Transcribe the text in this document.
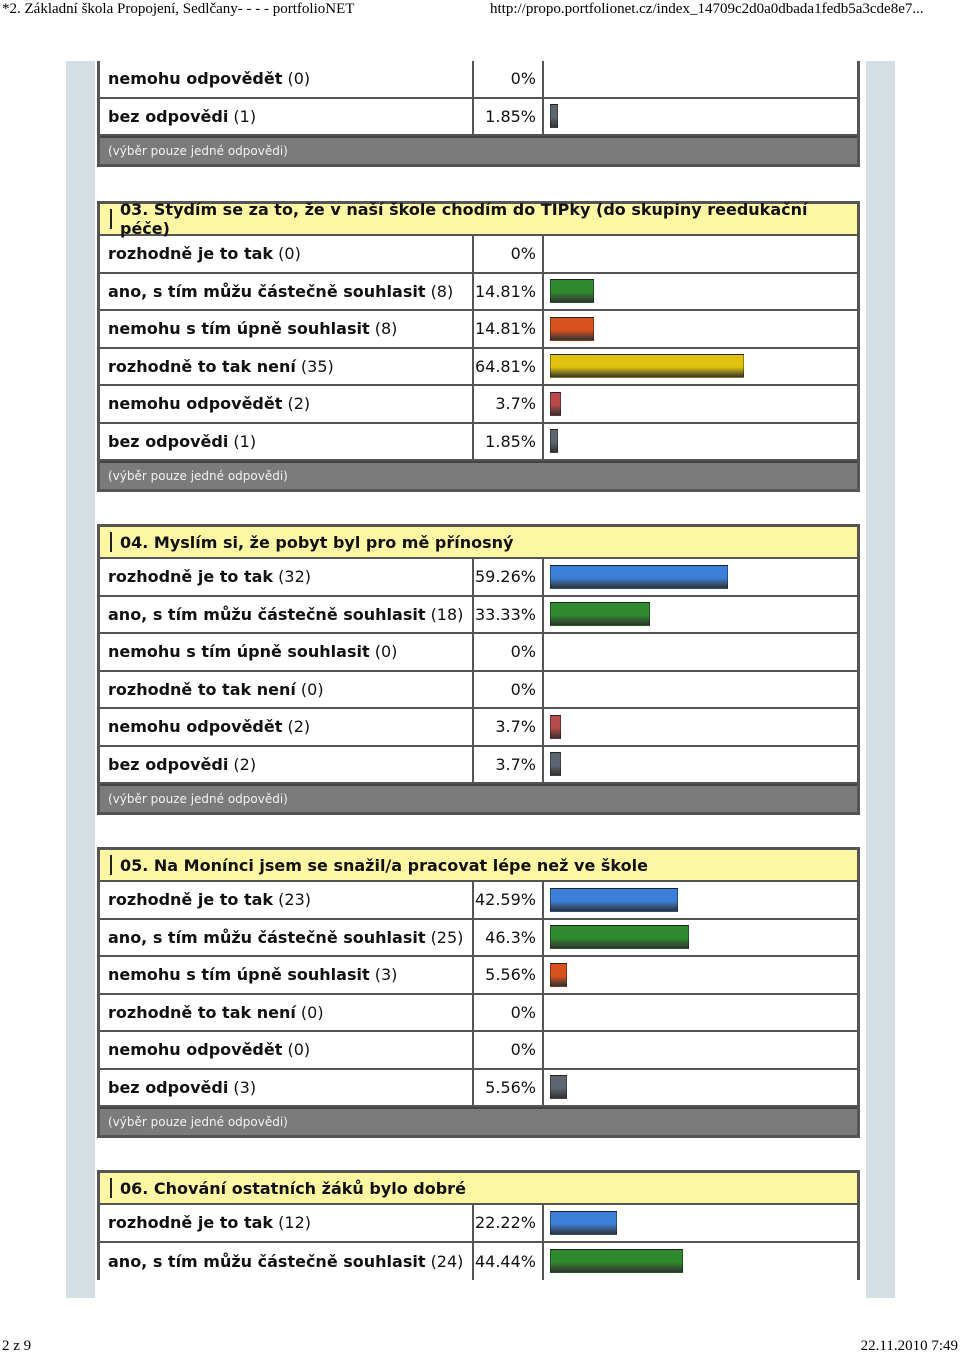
*2. Základní škola Propojení, Sedlčany- - - - portfolioNET	http://propo.portfolionet.cz/index_14709c2d0a0dbada1fedb5a3cde8e7...
nemohu odpovědět
(0)	0%
bez odpovědi
(1)	1.85%
(výběr pouze jedné odpovědi)
03. Stydím se za to, že v naší škole chodím do TIPky (do skupiny reedukační péče)
rozhodně je to tak
(0)	0%
ano, s tím můžu částečně souhlasit
(8) 14.81%
nemohu s tím úpně souhlasit
(8)	14.81%
rozhodně to tak není
(35)	64.81%
nemohu odpovědět
(2)	3.7%
bez odpovědi
(1)	1.85%
(výběr pouze jedné odpovědi)
04. Myslím si, že pobyt byl pro mě přínosný
rozhodně je to tak
(32)	59.26%
ano, s tím můžu částečně souhlasit
(18) 33.33%
nemohu s tím úpně souhlasit
(0)	0%
rozhodně to tak není
(0)	0%
nemohu odpovědět
(2)	3.7%
bez odpovědi
(2)	3.7%
(výběr pouze jedné odpovědi)
05. Na Monínci jsem se snažil/a pracovat lépe než ve škole
rozhodně je to tak
(23)	42.59%
ano, s tím můžu částečně souhlasit
(25)	46.3%
nemohu s tím úpně souhlasit
(3)	5.56%
rozhodně to tak není
(0)	0%
nemohu odpovědět
(0)	0%
bez odpovědi
(3)	5.56%
(výběr pouze jedné odpovědi)
06. Chování ostatních žáků bylo dobré
rozhodně je to tak
(12)	22.22%
ano, s tím můžu částečně souhlasit
(24) 44.44%
2 z 9	22.11.2010 7:49
